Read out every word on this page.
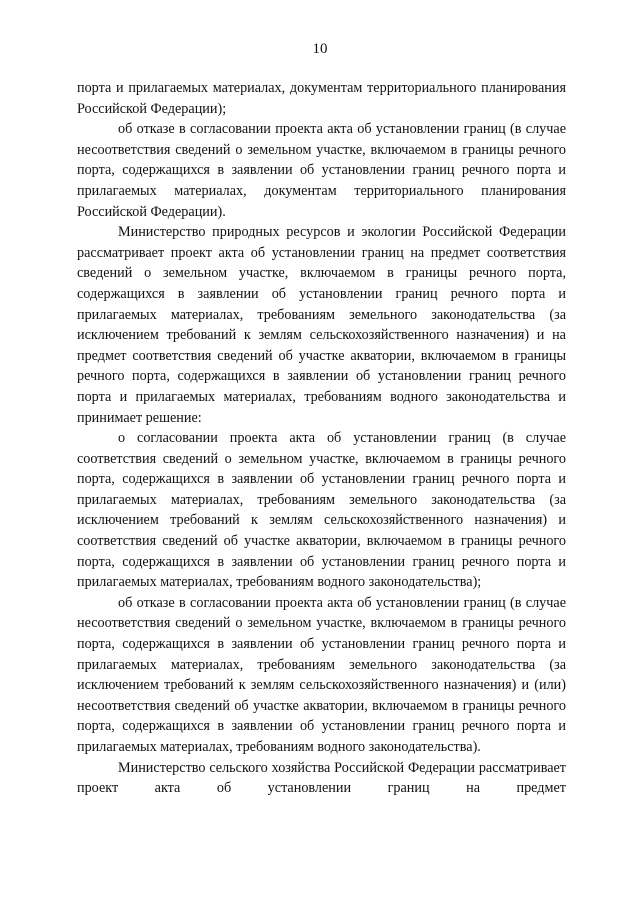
10

порта и прилагаемых материалах, документам территориального планирования Российской Федерации);

об отказе в согласовании проекта акта об установлении границ (в случае несоответствия сведений о земельном участке, включаемом в границы речного порта, содержащихся в заявлении об установлении границ речного порта и прилагаемых материалах, документам территориального планирования Российской Федерации).

Министерство природных ресурсов и экологии Российской Федерации рассматривает проект акта об установлении границ на предмет соответствия сведений о земельном участке, включаемом в границы речного порта, содержащихся в заявлении об установлении границ речного порта и прилагаемых материалах, требованиям земельного законодательства (за исключением требований к землям сельскохозяйственного назначения) и на предмет соответствия сведений об участке акватории, включаемом в границы речного порта, содержащихся в заявлении об установлении границ речного порта и прилагаемых материалах, требованиям водного законодательства и принимает решение:

о согласовании проекта акта об установлении границ (в случае соответствия сведений о земельном участке, включаемом в границы речного порта, содержащихся в заявлении об установлении границ речного порта и прилагаемых материалах, требованиям земельного законодательства (за исключением требований к землям сельскохозяйственного назначения) и соответствия сведений об участке акватории, включаемом в границы речного порта, содержащихся в заявлении об установлении границ речного порта и прилагаемых материалах, требованиям водного законодательства);

об отказе в согласовании проекта акта об установлении границ (в случае несоответствия сведений о земельном участке, включаемом в границы речного порта, содержащихся в заявлении об установлении границ речного порта и прилагаемых материалах, требованиям земельного законодательства (за исключением требований к землям сельскохозяйственного назначения) и (или) несоответствия сведений об участке акватории, включаемом в границы речного порта, содержащихся в заявлении об установлении границ речного порта и прилагаемых материалах, требованиям водного законодательства).

Министерство сельского хозяйства Российской Федерации рассматривает проект акта об установлении границ на предмет
